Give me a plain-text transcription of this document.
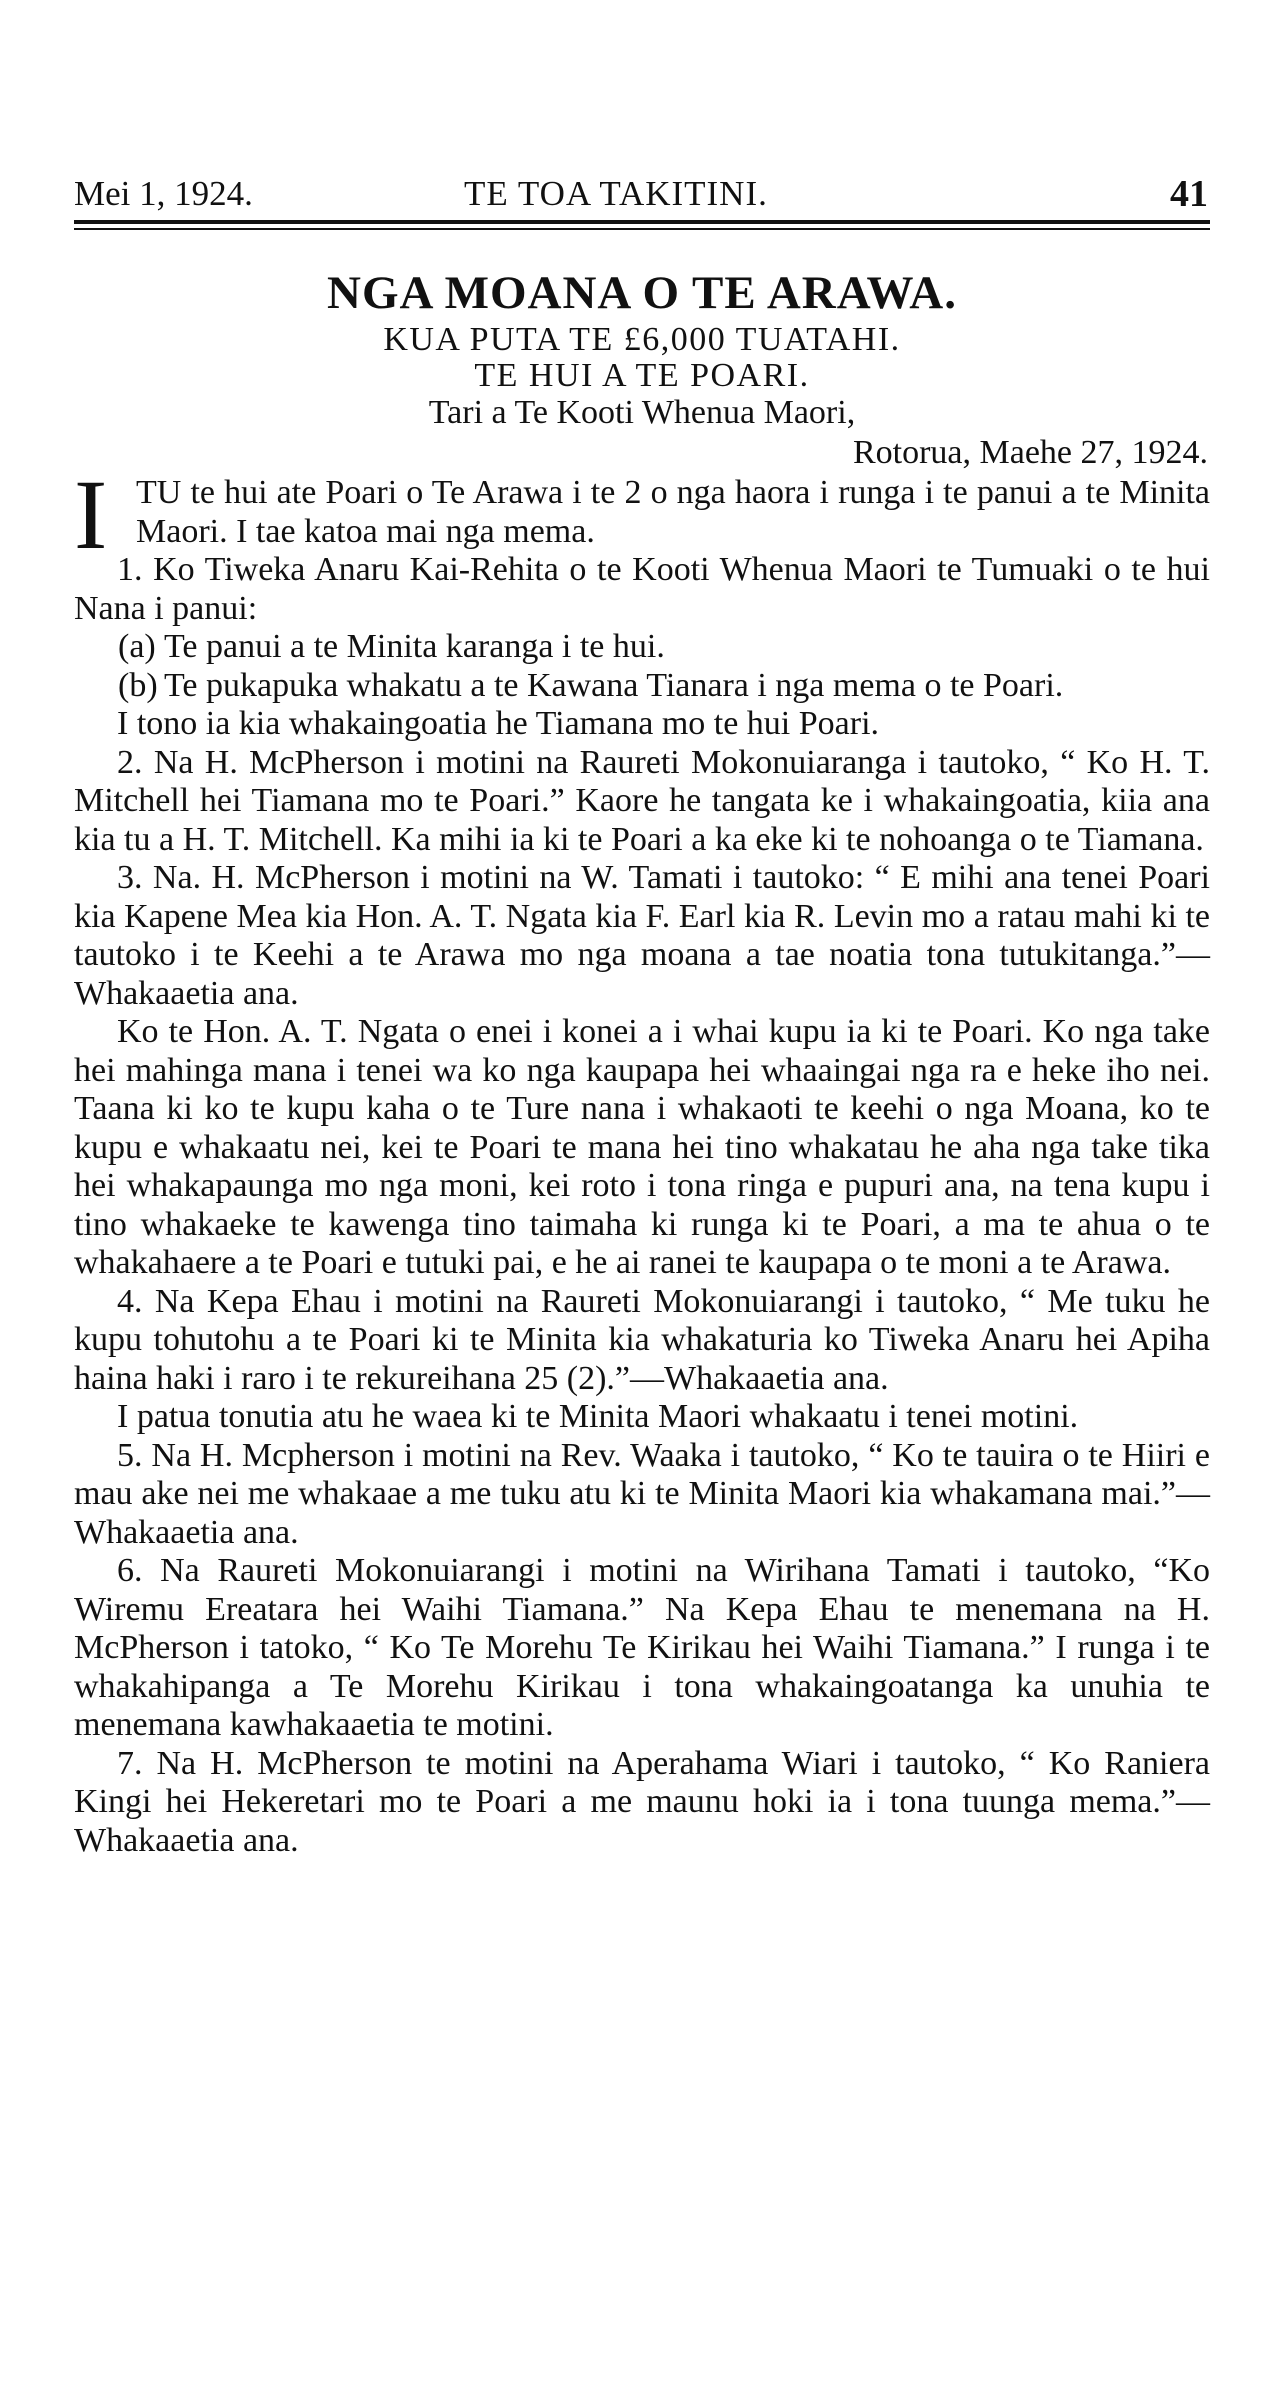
Mei 1, 1924.	TE TOA TAKITINI.	41
NGA MOANA O TE ARAWA.

KUA PUTA TE £6,000 TUATAHI.

TE HUI A TE POARI.

Tari a Te Kooti Whenua Maori,

Rotorua, Maehe 27, 1924.

I TU te hui ate Poari o Te Arawa i te 2 o nga haora i runga i te panui a te Minita Maori. I tae katoa mai nga mema.

1. Ko Tiweka Anaru Kai-Rehita o te Kooti Whenua Maori te Tumuaki o te hui Nana i panui:

(a) Te panui a te Minita karanga i te hui.

(b) Te pukapuka whakatu a te Kawana Tianara i nga mema o te Poari.

I tono ia kia whakaingoatia he Tiamana mo te hui Poari.

2. Na H. McPherson i motini na Raureti Mokonuiaranga i tautoko, “ Ko H. T. Mitchell hei Tiamana mo te Poari.” Kaore he tangata ke i whakaingoatia, kiia ana kia tu a H. T. Mitchell. Ka mihi ia ki te Poari a ka eke ki te nohoanga o te Tiamana.

3. Na. H. McPherson i motini na W. Tamati i tautoko: “ E mihi ana tenei Poari kia Kapene Mea kia Hon. A. T. Ngata kia F. Earl kia R. Levin mo a ratau mahi ki te tautoko i te Keehi a te Arawa mo nga moana a tae noatia tona tutukitanga.”—Whakaaetia ana.

Ko te Hon. A. T. Ngata o enei i konei a i whai kupu ia ki te Poari. Ko nga take hei mahinga mana i tenei wa ko nga kaupapa hei whaaingai nga ra e heke iho nei. Taana ki ko te kupu kaha o te Ture nana i whakaoti te keehi o nga Moana, ko te kupu e whakaatu nei, kei te Poari te mana hei tino whakatau he aha nga take tika hei whakapaunga mo nga moni, kei roto i tona ringa e pupuri ana, na tena kupu i tino whakaeke te kawenga tino taimaha ki runga ki te Poari, a ma te ahua o te whakahaere a te Poari e tutuki pai, e he ai ranei te kaupapa o te moni a te Arawa.

4. Na Kepa Ehau i motini na Raureti Mokonuiarangi i tautoko, “ Me tuku he kupu tohutohu a te Poari ki te Minita kia whakaturia ko Tiweka Anaru hei Apiha haina haki i raro i te rekureihana 25 (2).”—Whakaaetia ana.

I patua tonutia atu he waea ki te Minita Maori whakaatu i tenei motini.

5. Na H. Mcpherson i motini na Rev. Waaka i tautoko, “ Ko te tauira o te Hiiri e mau ake nei me whakaae a me tuku atu ki te Minita Maori kia whakamana mai.”—Whakaaetia ana.

6. Na Raureti Mokonuiarangi i motini na Wirihana Tamati i tautoko, “Ko Wiremu Ereatara hei Waihi Tiamana.” Na Kepa Ehau te menemana na H. McPherson i tatoko, “ Ko Te Morehu Te Kirikau hei Waihi Tiamana.” I runga i te whakahipanga a Te Morehu Kirikau i tona whakaingoatanga ka unuhia te menemana kawhakaaetia te motini.

7. Na H. McPherson te motini na Aperahama Wiari i tautoko, “ Ko Raniera Kingi hei Hekeretari mo te Poari a me maunu hoki ia i tona tuunga mema.”—Whakaaetia ana.
